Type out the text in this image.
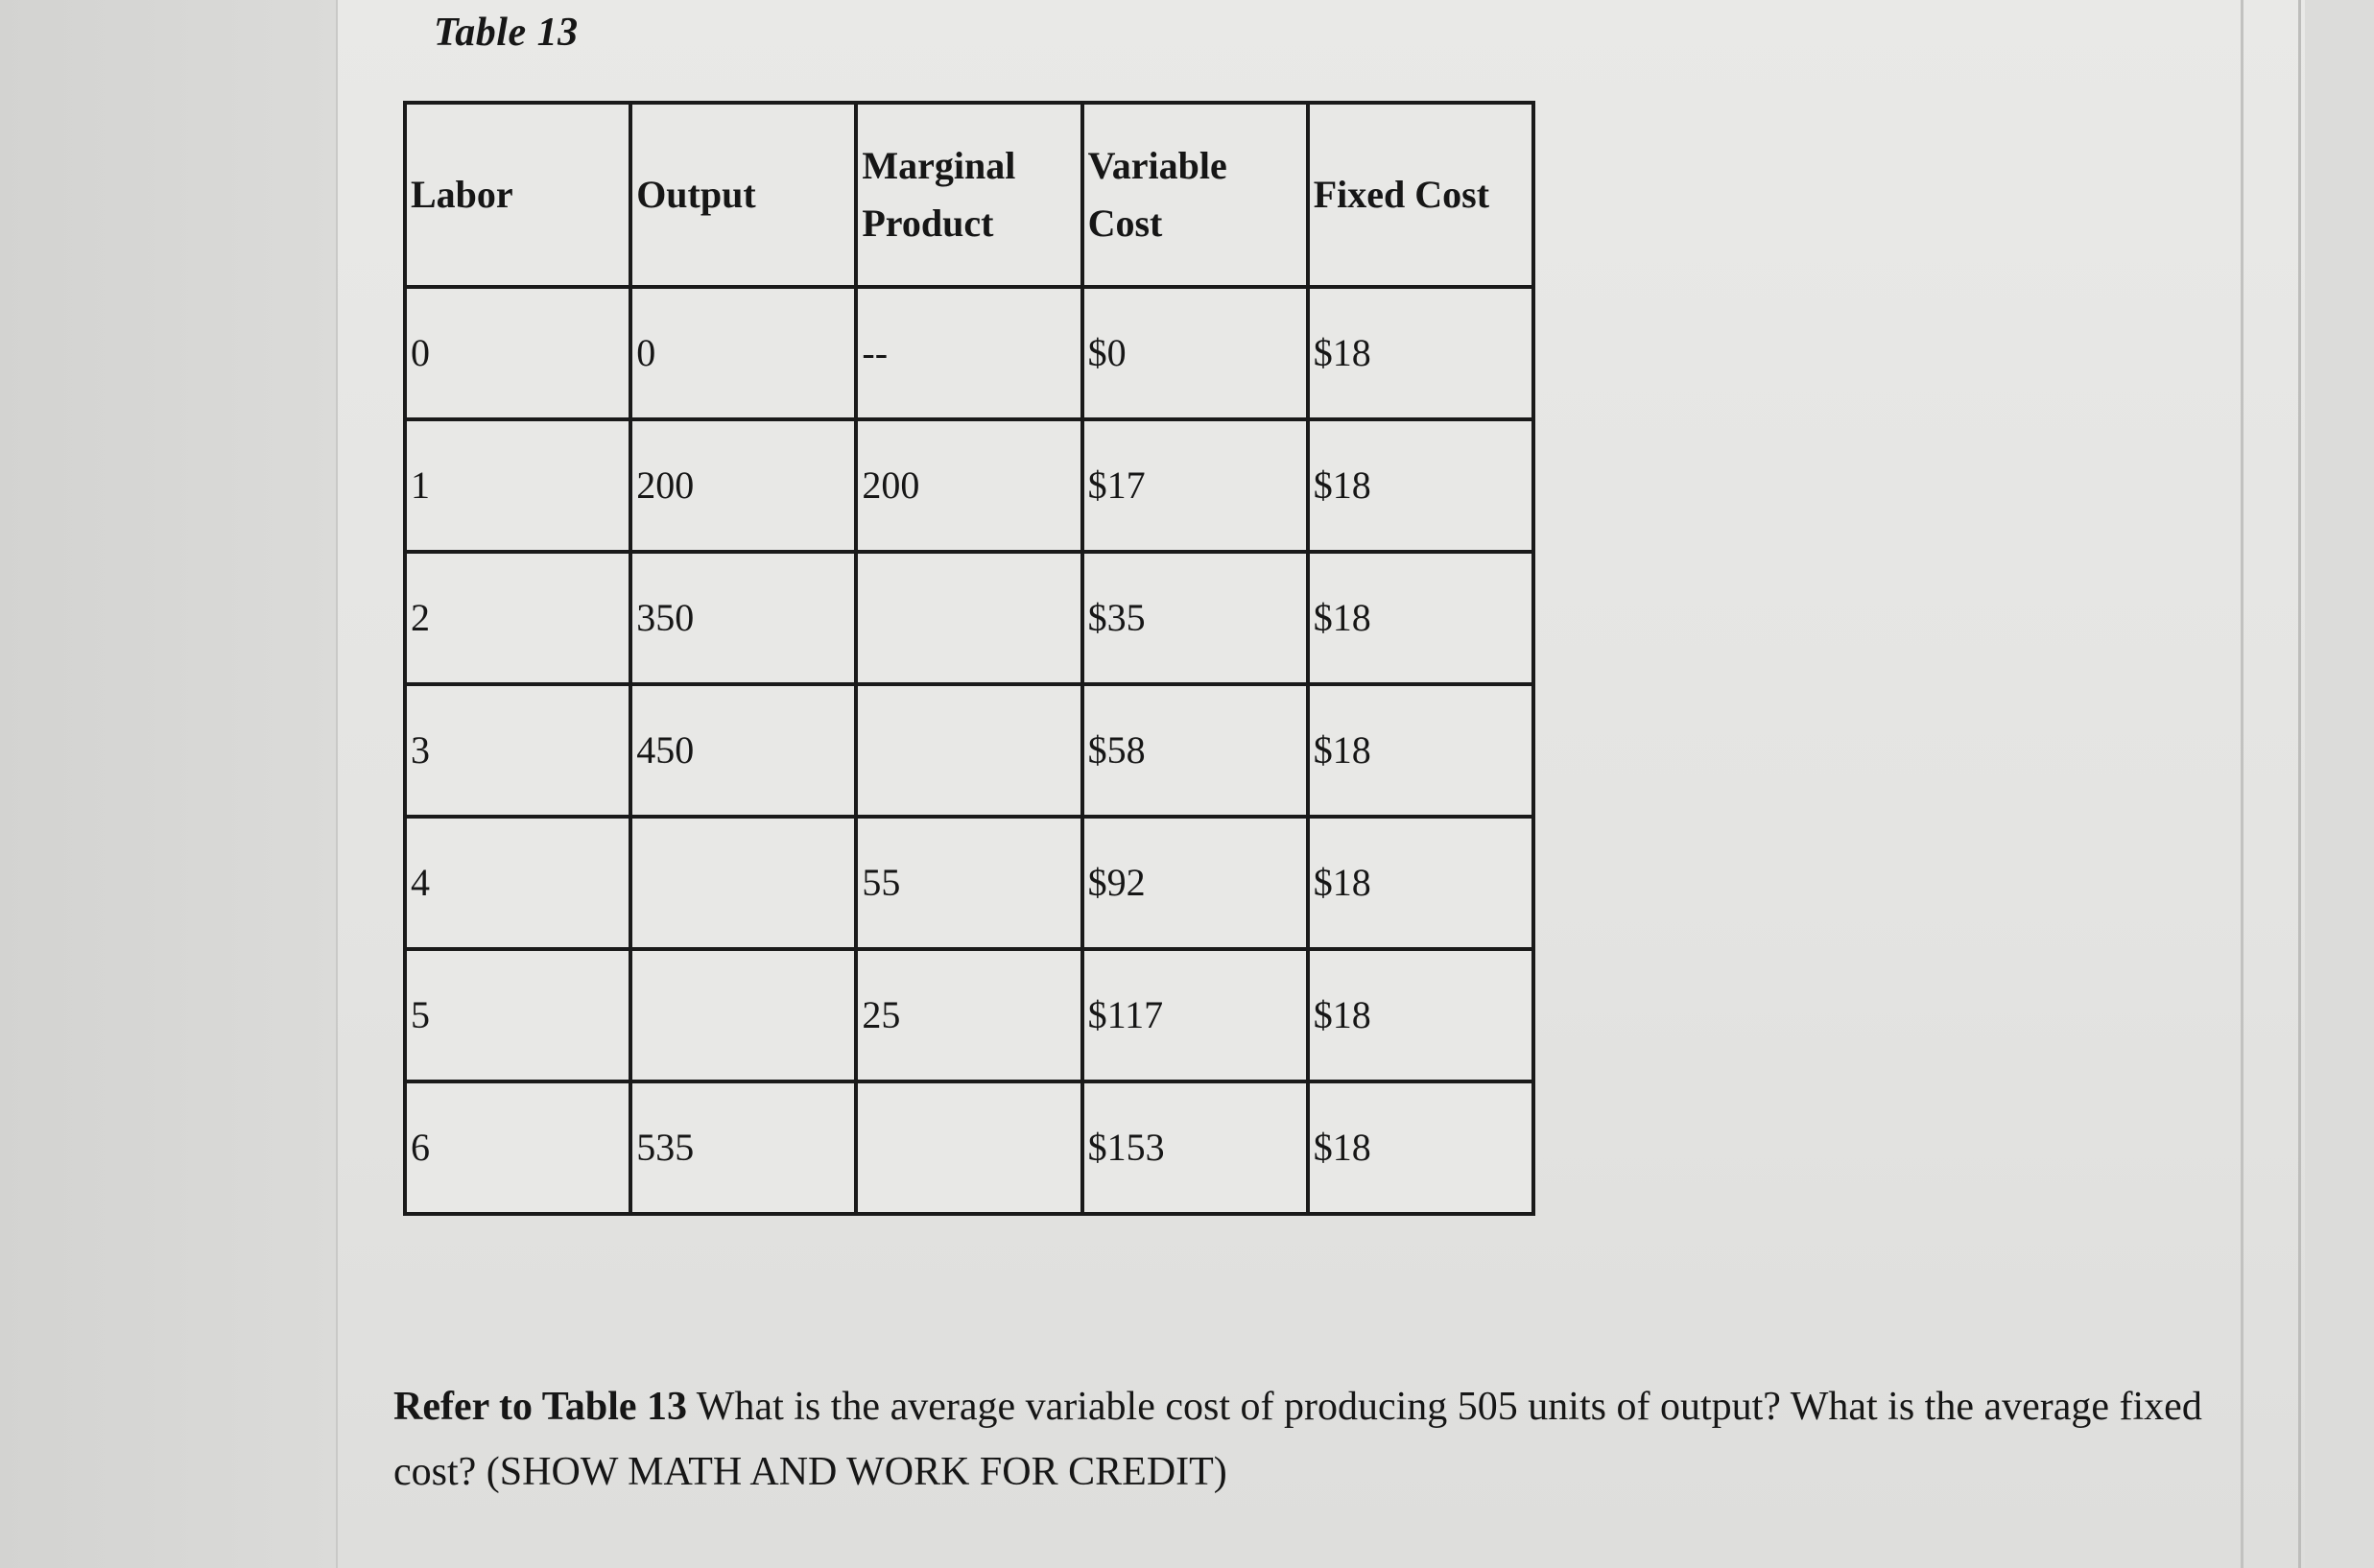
Table 13
Labor	Output	Marginal Product	Variable Cost	Fixed Cost
0	0	--	$0	$18
1	200	200	$17	$18
2	350		$35	$18
3	450		$58	$18
4		55	$92	$18
5		25	$117	$18
6	535		$153	$18
Refer to Table 13 What is the average variable cost of producing 505 units of output? What is the average fixed cost? (SHOW MATH AND WORK FOR CREDIT)
